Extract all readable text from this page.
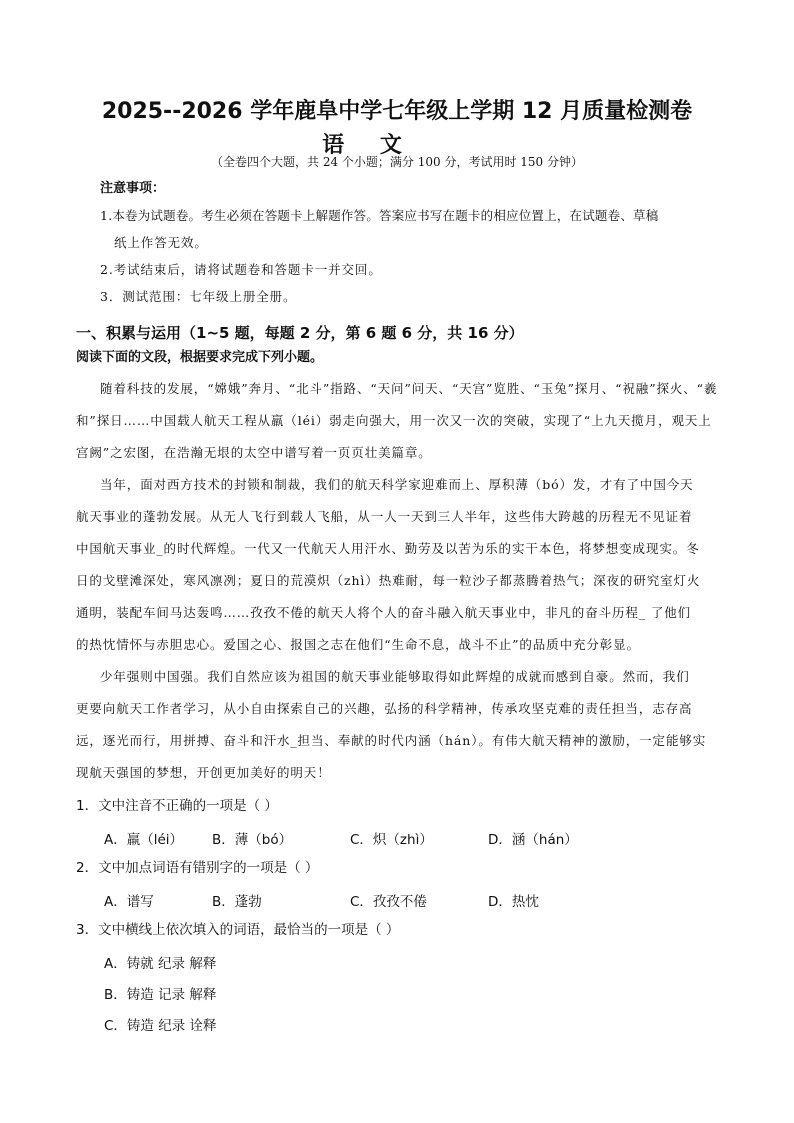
2025--2026 学年鹿阜中学七年级上学期 12 月质量检测卷
语 文
（全卷四个大题，共 24 个小题；满分 100 分，考试用时 150 分钟）
注意事项：
1.本卷为试题卷。考生必须在答题卡上解题作答。答案应书写在题卡的相应位置上，在试题卷、草稿
纸上作答无效。
2.考试结束后，请将试题卷和答题卡一并交回。
3．测试范围：七年级上册全册。
一、积累与运用（1~5 题，每题 2 分，第 6 题 6 分，共 16 分）
阅读下面的文段，根据要求完成下列小题。
随着科技的发展，“嫦娥”奔月、“北斗”指路、“天问”问天、“天宫”览胜、“玉兔”探月、“祝融”探火、“羲
和”探日……中国载人航天工程从羸（léi）弱走向强大，用一次又一次的突破，实现了“上九天揽月，观天上
宫阙”之宏图，在浩瀚无垠的太空中谱写着一页页壮美篇章。
当年，面对西方技术的封锁和制裁，我们的航天科学家迎难而上、厚积薄（bó）发，才有了中国今天
航天事业的蓬勃发展。从无人飞行到载人飞船，从一人一天到三人半年，这些伟大跨越的历程无不见证着
中国航天事业_的时代辉煌。一代又一代航天人用汗水、勤劳及以苦为乐的实干本色，将梦想变成现实。冬
日的戈壁滩深处，寒风凛冽；夏日的荒漠炽（zhì）热难耐，每一粒沙子都蒸腾着热气；深夜的研究室灯火
通明，装配车间马达轰鸣……孜孜不倦的航天人将个人的奋斗融入航天事业中，非凡的奋斗历程_ 了他们
的热忱情怀与赤胆忠心。爱国之心、报国之志在他们“生命不息，战斗不止”的品质中充分彰显。
少年强则中国强。我们自然应该为祖国的航天事业能够取得如此辉煌的成就而感到自豪。然而，我们
更要向航天工作者学习，从小自由探索自己的兴趣，弘扬的科学精神，传承攻坚克难的责任担当，志存高
远，逐光而行，用拼搏、奋斗和汗水_担当、奉献的时代内涵（hán）。有伟大航天精神的激励，一定能够实
现航天强国的梦想，开创更加美好的明天！
1．文中注音不正确的一项是（ ）
A．羸（léi） B．薄（bó）	C．炽（zhì）	D．涵（hán）
2．文中加点词语有错别字的一项是（ ）
A．谱写	B．蓬勃	C．孜孜不倦	D．热忱
3．文中横线上依次填入的词语，最恰当的一项是（ ）
A．铸就 纪录 解释
B．铸造 记录 解释
C．铸造 纪录 诠释
